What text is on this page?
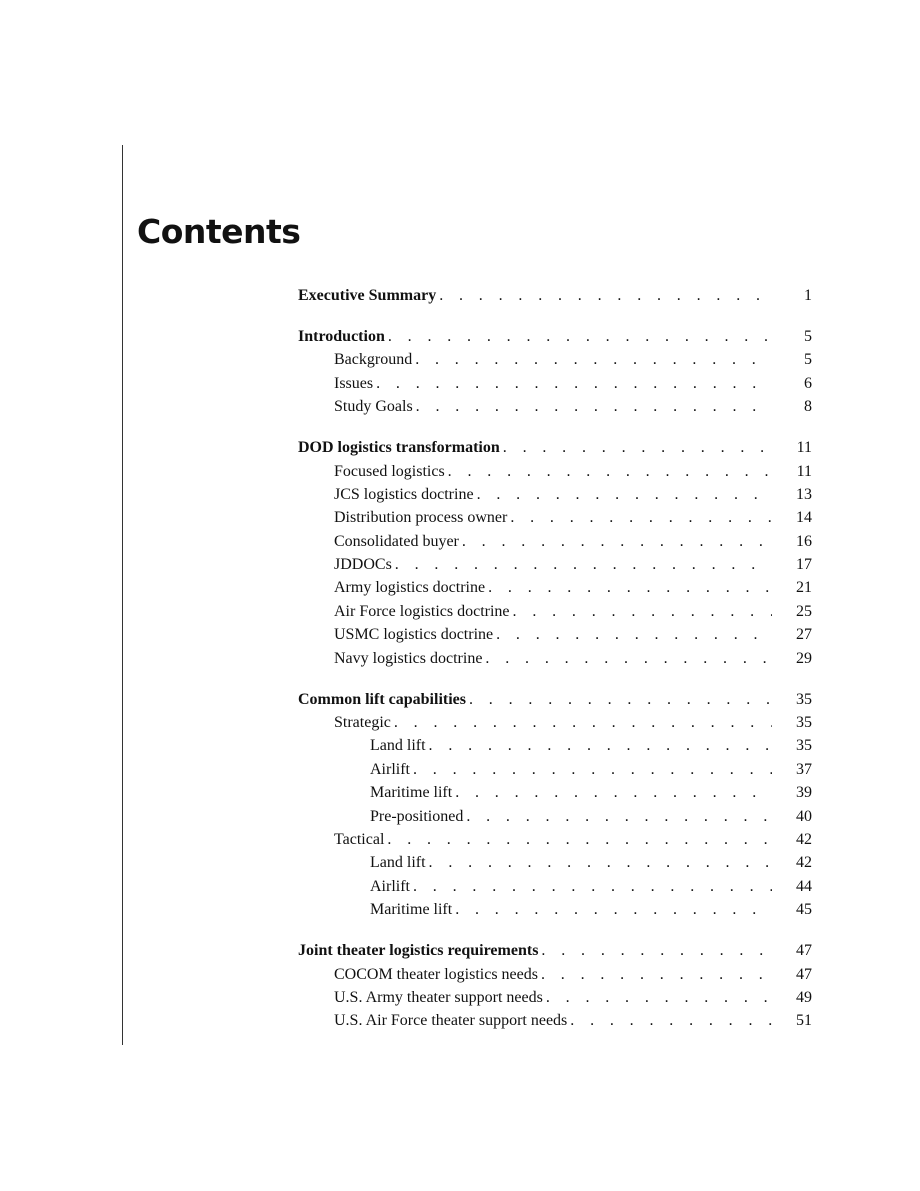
Contents
Executive Summary . . .	1
Introduction . . .	5
Background . . .	5
Issues . . .	6
Study Goals . . .	8
DOD logistics transformation . . .	11
Focused logistics . . .	11
JCS logistics doctrine . . .	13
Distribution process owner . . .	14
Consolidated buyer . . .	16
JDDOCs . . .	17
Army logistics doctrine . . .	21
Air Force logistics doctrine . . .	25
USMC logistics doctrine . . .	27
Navy logistics doctrine . . .	29
Common lift capabilities . . .	35
Strategic . . .	35
Land lift . . .	35
Airlift . . .	37
Maritime lift . . .	39
Pre-positioned . . .	40
Tactical . . .	42
Land lift . . .	42
Airlift . . .	44
Maritime lift . . .	45
Joint theater logistics requirements . . .	47
COCOM theater logistics needs . . .	47
U.S. Army theater support needs . . .	49
U.S. Air Force theater support needs . . .	51
